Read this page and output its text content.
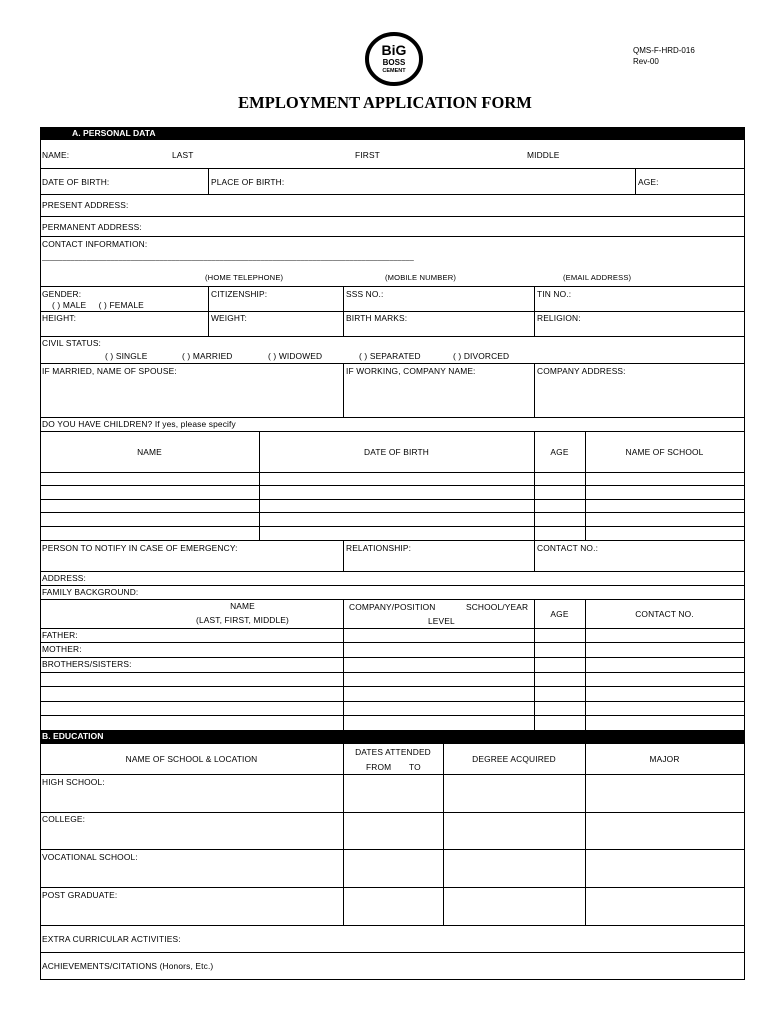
BiG
BOSS
CEMENT
QMS-F-HRD-016
Rev-00
EMPLOYMENT APPLICATION FORM
A. PERSONAL DATA
NAME:	LAST	FIRST	MIDDLE
DATE OF BIRTH:	PLACE OF BIRTH:	AGE:
PRESENT ADDRESS:
PERMANENT ADDRESS:
CONTACT INFORMATION:
____________________________________________________________________________________________
(HOME TELEPHONE)	(MOBILE NUMBER)	(EMAIL ADDRESS)
GENDER:
( ) MALE     ( ) FEMALE
CITIZENSHIP:	SSS NO.:	TIN NO.:
HEIGHT:	WEIGHT:	BIRTH MARKS:	RELIGION:
CIVIL STATUS:
( ) SINGLE	( ) MARRIED	( ) WIDOWED	( ) SEPARATED	( ) DIVORCED
IF MARRIED, NAME OF SPOUSE:	IF WORKING, COMPANY NAME:	COMPANY ADDRESS:
DO YOU HAVE CHILDREN? If yes, please specify
NAME	DATE OF BIRTH	AGE	NAME OF SCHOOL
PERSON TO NOTIFY IN CASE OF EMERGENCY:	RELATIONSHIP:	CONTACT NO.:
ADDRESS:
FAMILY BACKGROUND:
NAME
(LAST, FIRST, MIDDLE)
COMPANY/POSITION	SCHOOL/YEAR
LEVEL
AGE	CONTACT NO.
FATHER:
MOTHER:
BROTHERS/SISTERS:
B. EDUCATION
NAME OF SCHOOL & LOCATION
DATES ATTENDED
FROM TO
DEGREE ACQUIRED	MAJOR
HIGH SCHOOL:
COLLEGE:
VOCATIONAL SCHOOL:
POST GRADUATE:
EXTRA CURRICULAR ACTIVITIES:
ACHIEVEMENTS/CITATIONS (Honors, Etc.)
